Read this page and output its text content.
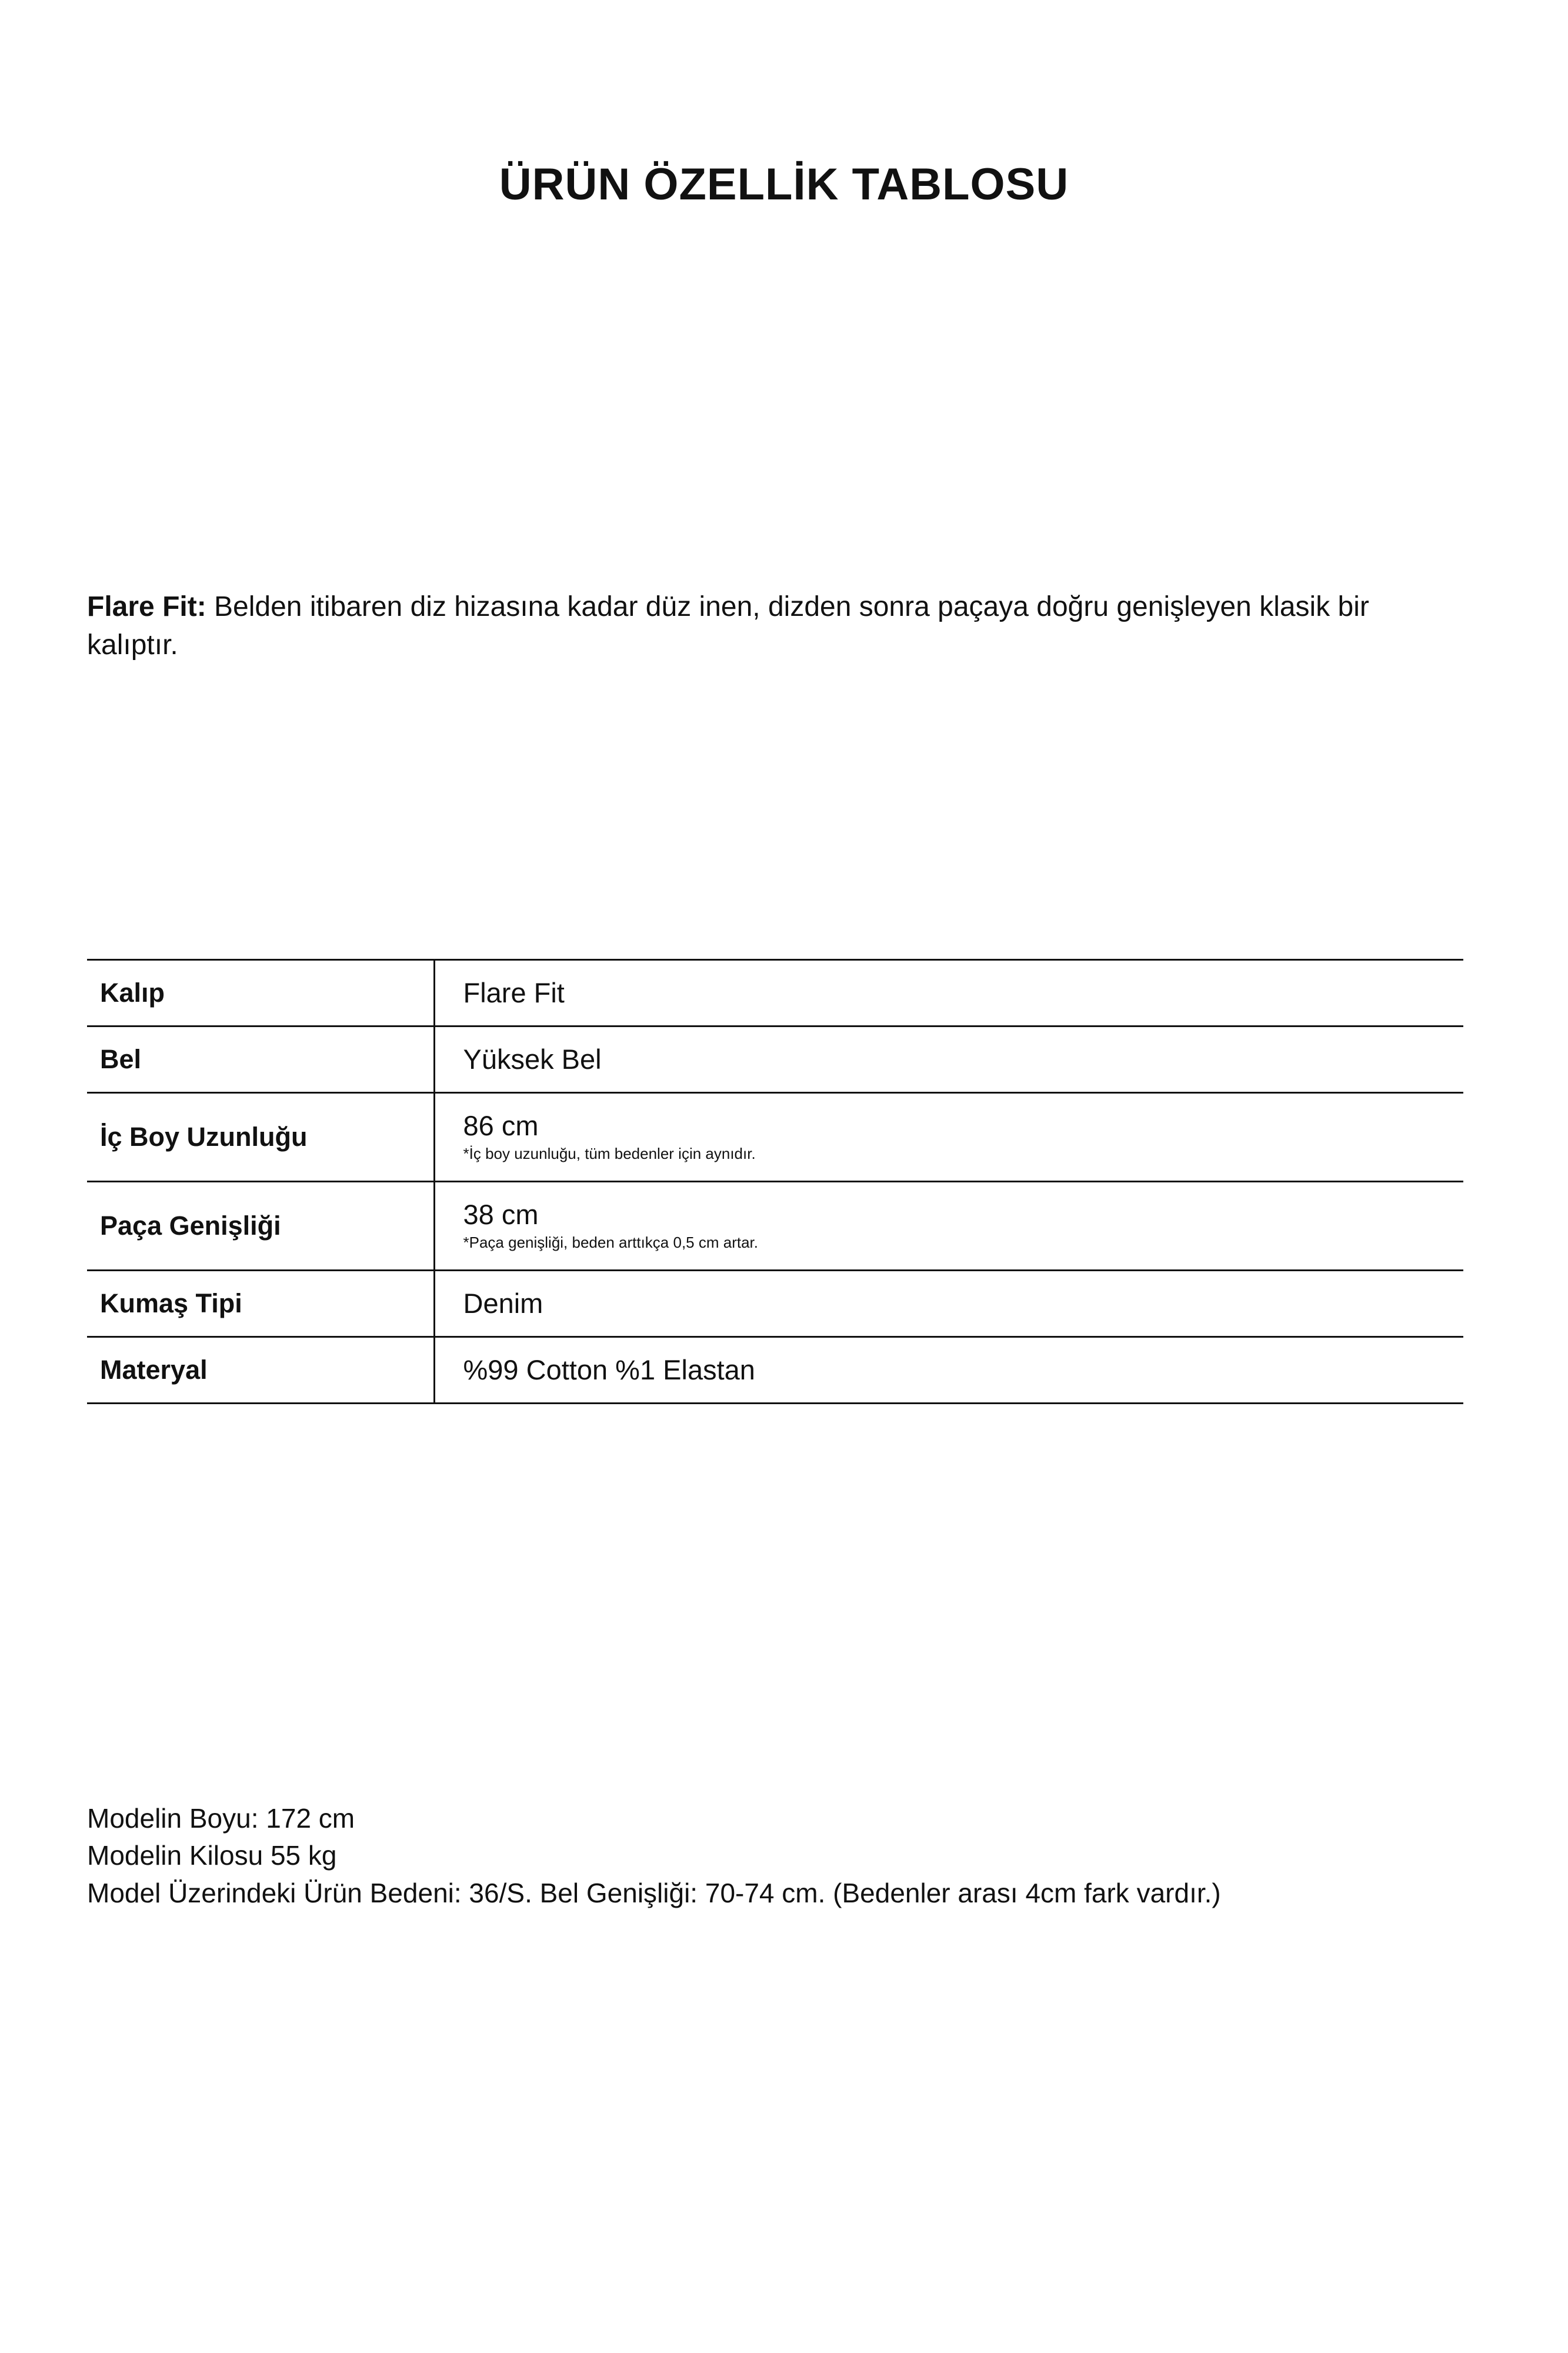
ÜRÜN ÖZELLİK TABLOSU
Flare Fit: Belden itibaren diz hizasına kadar düz inen, dizden sonra paçaya doğru genişleyen klasik bir kalıptır.
Kalıp	Flare Fit

Bel	Yüksek Bel

İç Boy Uzunluğu	86 cm
*İç boy uzunluğu, tüm bedenler için aynıdır.

Paça Genişliği	38 cm
*Paça genişliği, beden arttıkça 0,5 cm artar.

Kumaş Tipi	Denim

Materyal	%99 Cotton %1 Elastan
Modelin Boyu: 172 cm
Modelin Kilosu 55 kg
Model Üzerindeki Ürün Bedeni: 36/S. Bel Genişliği: 70-74 cm. (Bedenler arası 4cm fark vardır.)
